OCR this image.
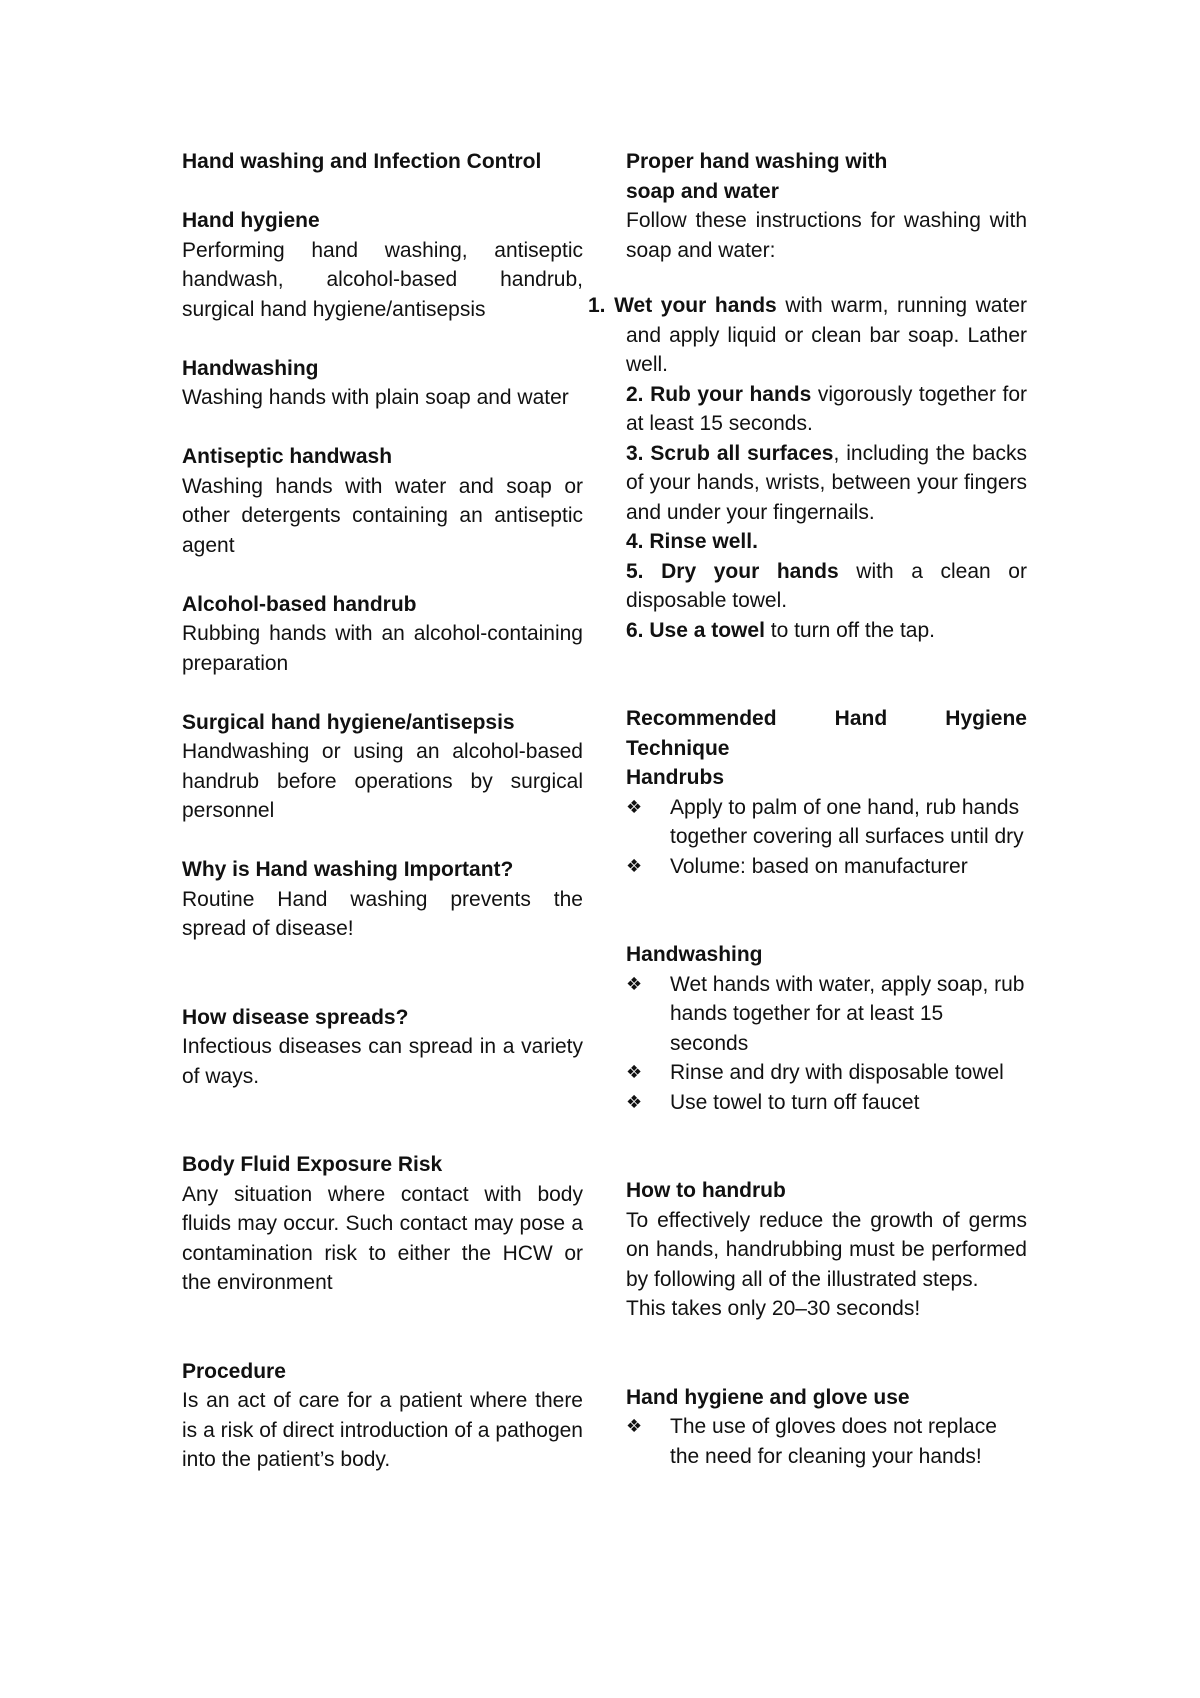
Hand washing and Infection Control
Hand hygiene

Performing hand washing, antiseptic handwash, alcohol-based handrub, surgical hand hygiene/antisepsis

Handwashing

Washing hands with plain soap and water

Antiseptic handwash

Washing hands with water and soap or other detergents containing an antiseptic agent

Alcohol-based handrub

Rubbing hands with an alcohol-containing preparation

Surgical hand hygiene/antisepsis

Handwashing or using an alcohol-based handrub before operations by surgical personnel

Why is Hand washing Important?

Routine Hand washing prevents the spread of disease!

How disease spreads?

Infectious diseases can spread in a variety of ways.

Body Fluid Exposure Risk

Any situation where contact with body fluids may occur. Such contact may pose a contamination risk to either the HCW or the environment

Procedure

Is an act of care for a patient where there is a risk of direct introduction of a pathogen into the patient’s body.

Proper hand washing with
soap and water

Follow these instructions for washing with soap and water:

1. Wet your hands with warm, running water and apply liquid or clean bar soap. Lather well.
2. Rub your hands vigorously together for at least 15 seconds.
3. Scrub all surfaces, including the backs of your hands, wrists, between your fingers and under your fingernails.
4. Rinse well.
5. Dry your hands with a clean or disposable towel.
6. Use a towel to turn off the tap.
Recommended	Hand	Hygiene
Technique
Handrubs
❖ Apply to palm of one hand, rub hands together covering all surfaces until dry
❖ Volume: based on manufacturer
Handwashing
❖ Wet hands with water, apply soap, rub hands together for at least 15 seconds
❖ Rinse and dry with disposable towel
❖ Use towel to turn off faucet
How to handrub

To effectively reduce the growth of germs on hands, handrubbing must be performed by following all of the illustrated steps.

This takes only 20–30 seconds!

Hand hygiene and glove use
❖ The use of gloves does not replace the need for cleaning your hands!
